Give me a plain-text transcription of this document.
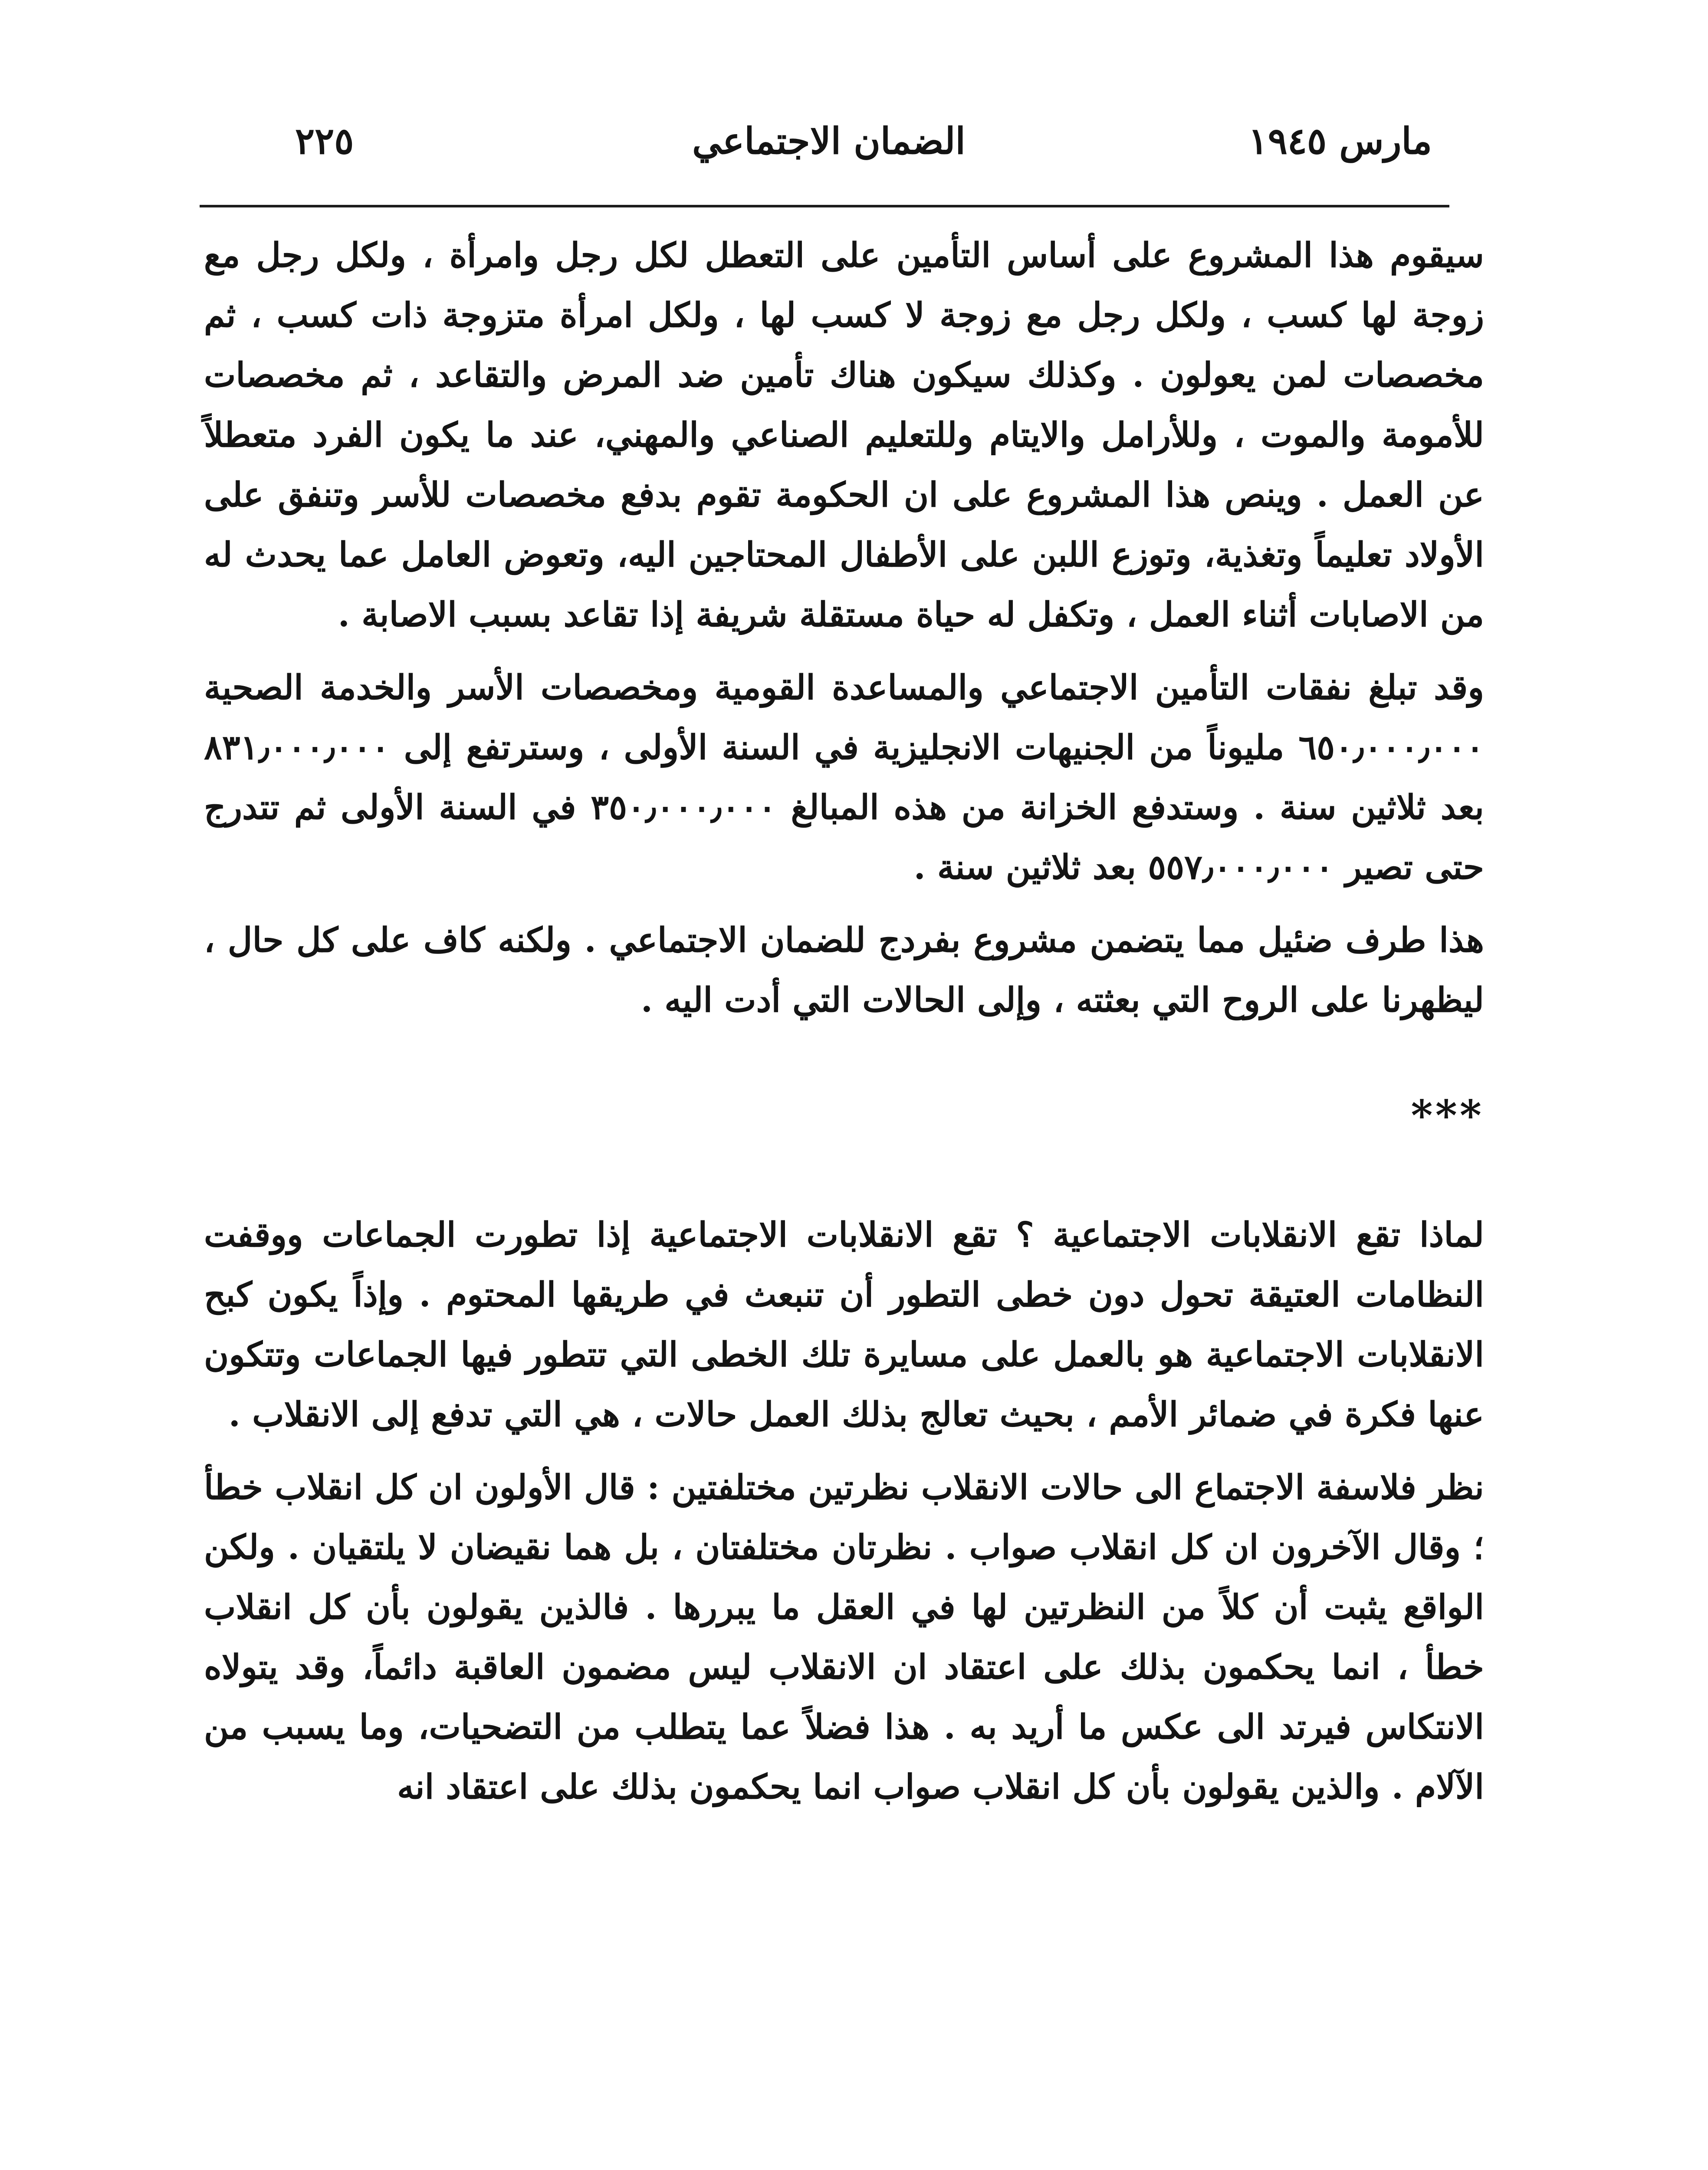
٢٢٥	الضمان الاجتماعي	مارس ١٩٤٥

سيقوم هذا المشروع على أساس التأمين على التعطل لكل رجل وامرأة ، ولكل رجل مع زوجة لها كسب ، ولكل رجل مع زوجة لا كسب لها ، ولكل امرأة متزوجة ذات كسب ، ثم مخصصات لمن يعولون . وكذلك سيكون هناك تأمين ضد المرض والتقاعد ، ثم مخصصات للأمومة والموت ، وللأرامل والايتام وللتعليم الصناعي والمهني، عند ما يكون الفرد متعطلاً عن العمل . وينص هذا المشروع على ان الحكومة تقوم بدفع مخصصات للأسر وتنفق على الأولاد تعليماً وتغذية، وتوزع اللبن على الأطفال المحتاجين اليه، وتعوض العامل عما يحدث له من الاصابات أثناء العمل ، وتكفل له حياة مستقلة شريفة إذا تقاعد بسبب الاصابة .

وقد تبلغ نفقات التأمين الاجتماعي والمساعدة القومية ومخصصات الأسر والخدمة الصحية ٦٥٠٫٠٠٠٫٠٠٠ مليوناً من الجنيهات الانجليزية في السنة الأولى ، وسترتفع إلى ٨٣١٫٠٠٠٫٠٠٠ بعد ثلاثين سنة . وستدفع الخزانة من هذه المبالغ ٣٥٠٫٠٠٠٫٠٠٠ في السنة الأولى ثم تتدرج حتى تصير ٥٥٧٫٠٠٠٫٠٠٠ بعد ثلاثين سنة .

هذا طرف ضئيل مما يتضمن مشروع بفردج للضمان الاجتماعي . ولكنه كاف على كل حال ، ليظهرنا على الروح التي بعثته ، وإلى الحالات التي أدت اليه .

***

لماذا تقع الانقلابات الاجتماعية ؟ تقع الانقلابات الاجتماعية إذا تطورت الجماعات ووقفت النظامات العتيقة تحول دون خطى التطور أن تنبعث في طريقها المحتوم . وإذاً يكون كبح الانقلابات الاجتماعية هو بالعمل على مسايرة تلك الخطى التي تتطور فيها الجماعات وتتكون عنها فكرة في ضمائر الأمم ، بحيث تعالج بذلك العمل حالات ، هي التي تدفع إلى الانقلاب .

نظر فلاسفة الاجتماع الى حالات الانقلاب نظرتين مختلفتين : قال الأولون ان كل انقلاب خطأ ؛ وقال الآخرون ان كل انقلاب صواب . نظرتان مختلفتان ، بل هما نقيضان لا يلتقيان . ولكن الواقع يثبت أن كلاً من النظرتين لها في العقل ما يبررها . فالذين يقولون بأن كل انقلاب خطأ ، انما يحكمون بذلك على اعتقاد ان الانقلاب ليس مضمون العاقبة دائماً، وقد يتولاه الانتكاس فيرتد الى عكس ما أريد به . هذا فضلاً عما يتطلب من التضحيات، وما يسبب من الآلام . والذين يقولون بأن كل انقلاب صواب انما يحكمون بذلك على اعتقاد انه
